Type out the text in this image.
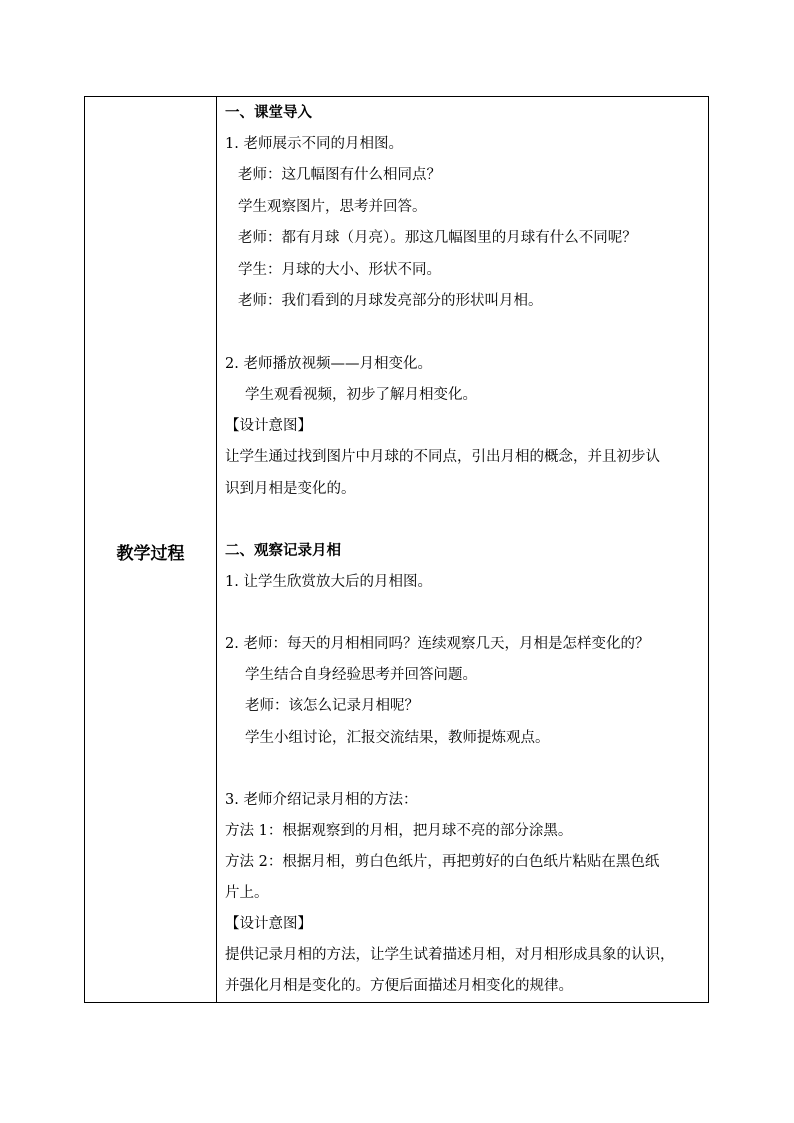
教学过程
一、课堂导入
1. 老师展示不同的月相图。
老师：这几幅图有什么相同点？
学生观察图片，思考并回答。
老师：都有月球（月亮）。那这几幅图里的月球有什么不同呢？
学生：月球的大小、形状不同。
老师：我们看到的月球发亮部分的形状叫月相。
2. 老师播放视频——月相变化。
学生观看视频，初步了解月相变化。
【设计意图】
让学生通过找到图片中月球的不同点，引出月相的概念，并且初步认
识到月相是变化的。
二、观察记录月相
1. 让学生欣赏放大后的月相图。
2. 老师：每天的月相相同吗？连续观察几天，月相是怎样变化的？
学生结合自身经验思考并回答问题。
老师：该怎么记录月相呢？
学生小组讨论，汇报交流结果，教师提炼观点。
3. 老师介绍记录月相的方法：
方法 1：根据观察到的月相，把月球不亮的部分涂黑。
方法 2：根据月相，剪白色纸片，再把剪好的白色纸片粘贴在黑色纸
片上。
【设计意图】
提供记录月相的方法，让学生试着描述月相，对月相形成具象的认识，
并强化月相是变化的。方便后面描述月相变化的规律。
